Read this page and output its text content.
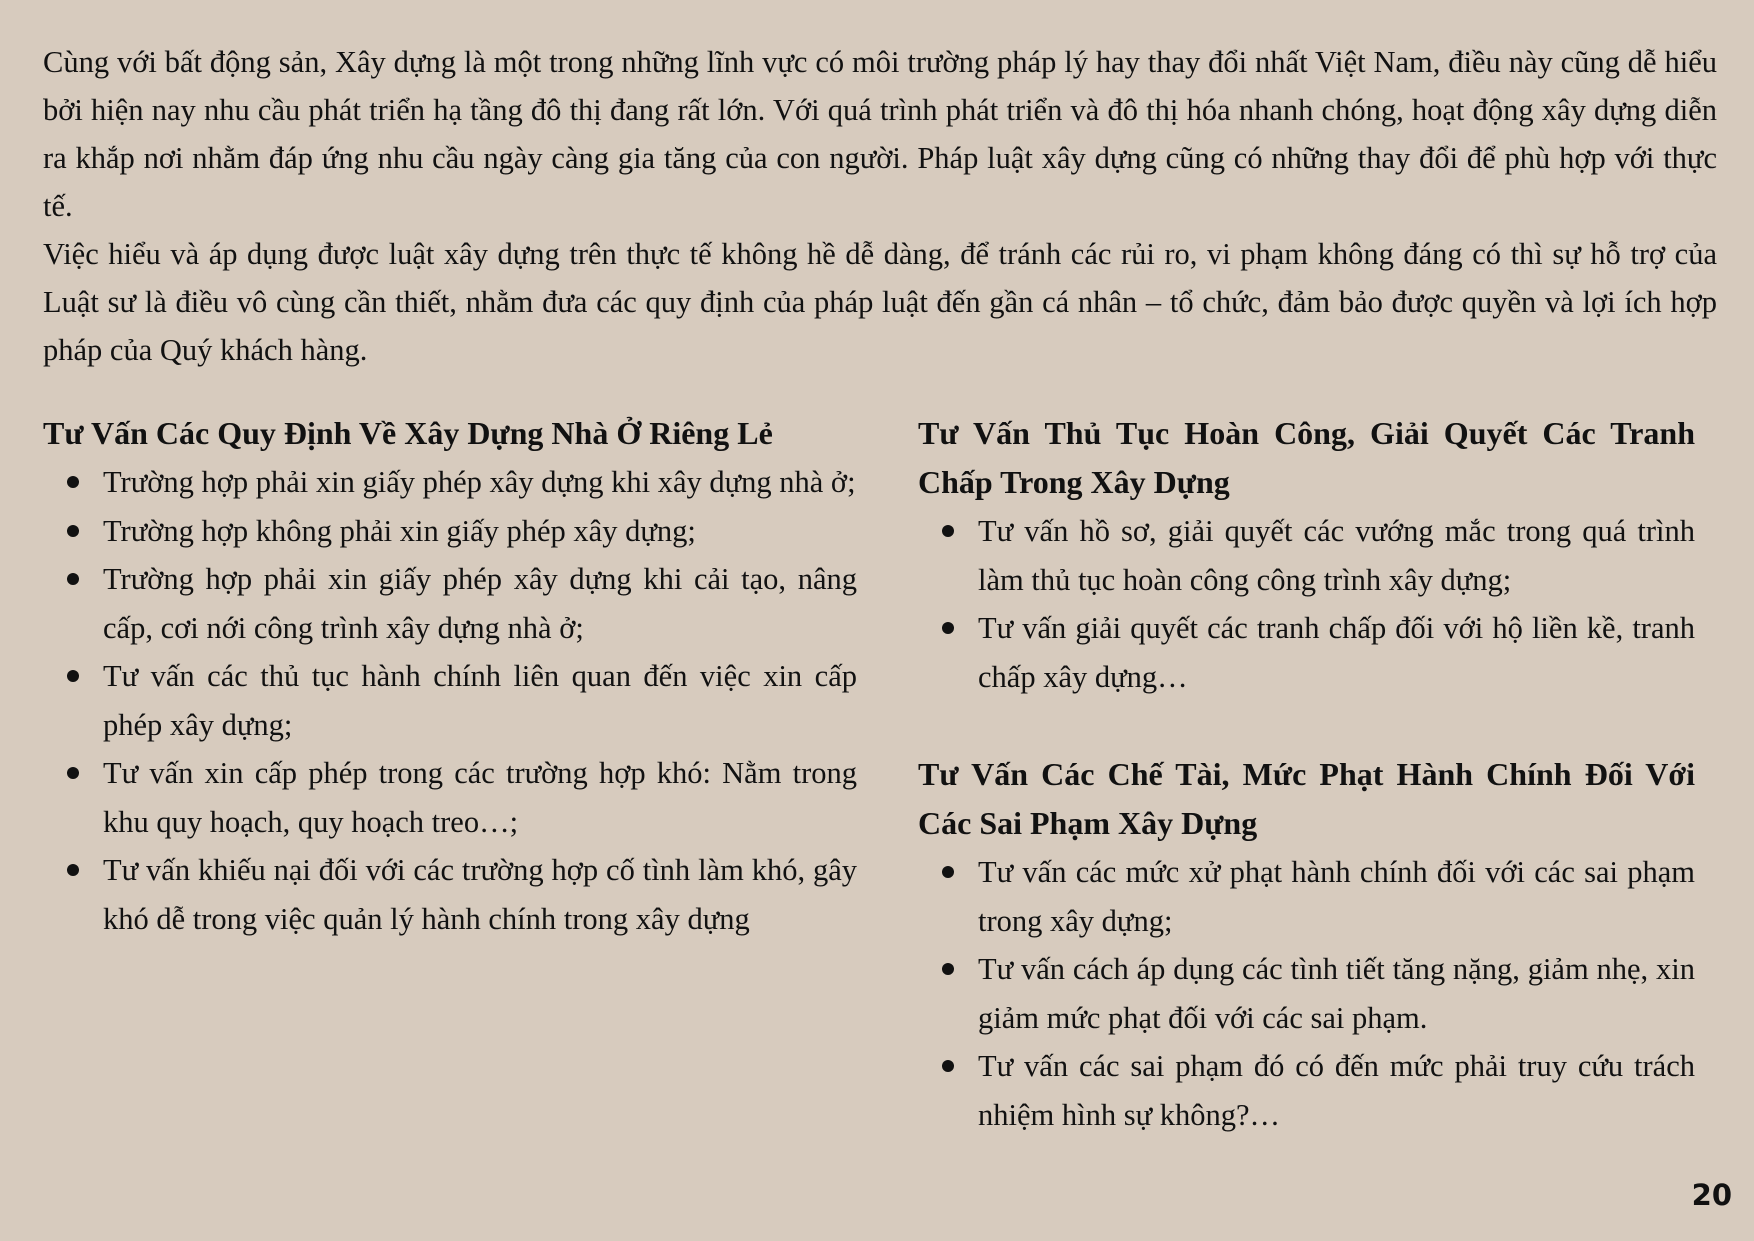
Cùng với bất động sản, Xây dựng là một trong những lĩnh vực có môi trường pháp lý hay thay đổi nhất Việt Nam, điều này cũng dễ hiểu bởi hiện nay nhu cầu phát triển hạ tầng đô thị đang rất lớn. Với quá trình phát triển và đô thị hóa nhanh chóng, hoạt động xây dựng diễn ra khắp nơi nhằm đáp ứng nhu cầu ngày càng gia tăng của con người. Pháp luật xây dựng cũng có những thay đổi để phù hợp với thực tế.

Việc hiểu và áp dụng được luật xây dựng trên thực tế không hề dễ dàng, để tránh các rủi ro, vi phạm không đáng có thì sự hỗ trợ của Luật sư là điều vô cùng cần thiết, nhằm đưa các quy định của pháp luật đến gần cá nhân – tổ chức, đảm bảo được quyền và lợi ích hợp pháp của Quý khách hàng.

Tư Vấn Các Quy Định Về Xây Dựng Nhà Ở Riêng Lẻ
Trường hợp phải xin giấy phép xây dựng khi xây dựng nhà ở;
Trường hợp không phải xin giấy phép xây dựng;
Trường hợp phải xin giấy phép xây dựng khi cải tạo, nâng cấp, cơi nới công trình xây dựng nhà ở;
Tư vấn các thủ tục hành chính liên quan đến việc xin cấp phép xây dựng;
Tư vấn xin cấp phép trong các trường hợp khó: Nằm trong khu quy hoạch, quy hoạch treo…;
Tư vấn khiếu nại đối với các trường hợp cố tình làm khó, gây khó dễ trong việc quản lý hành chính trong xây dựng
Tư Vấn Thủ Tục Hoàn Công, Giải Quyết Các Tranh Chấp Trong Xây Dựng
Tư vấn hồ sơ, giải quyết các vướng mắc trong quá trình làm thủ tục hoàn công công trình xây dựng;
Tư vấn giải quyết các tranh chấp đối với hộ liền kề, tranh chấp xây dựng…
Tư Vấn Các Chế Tài, Mức Phạt Hành Chính Đối Với Các Sai Phạm Xây Dựng
Tư vấn các mức xử phạt hành chính đối với các sai phạm trong xây dựng;
Tư vấn cách áp dụng các tình tiết tăng nặng, giảm nhẹ, xin giảm mức phạt đối với các sai phạm.
Tư vấn các sai phạm đó có đến mức phải truy cứu trách nhiệm hình sự không?…
20
